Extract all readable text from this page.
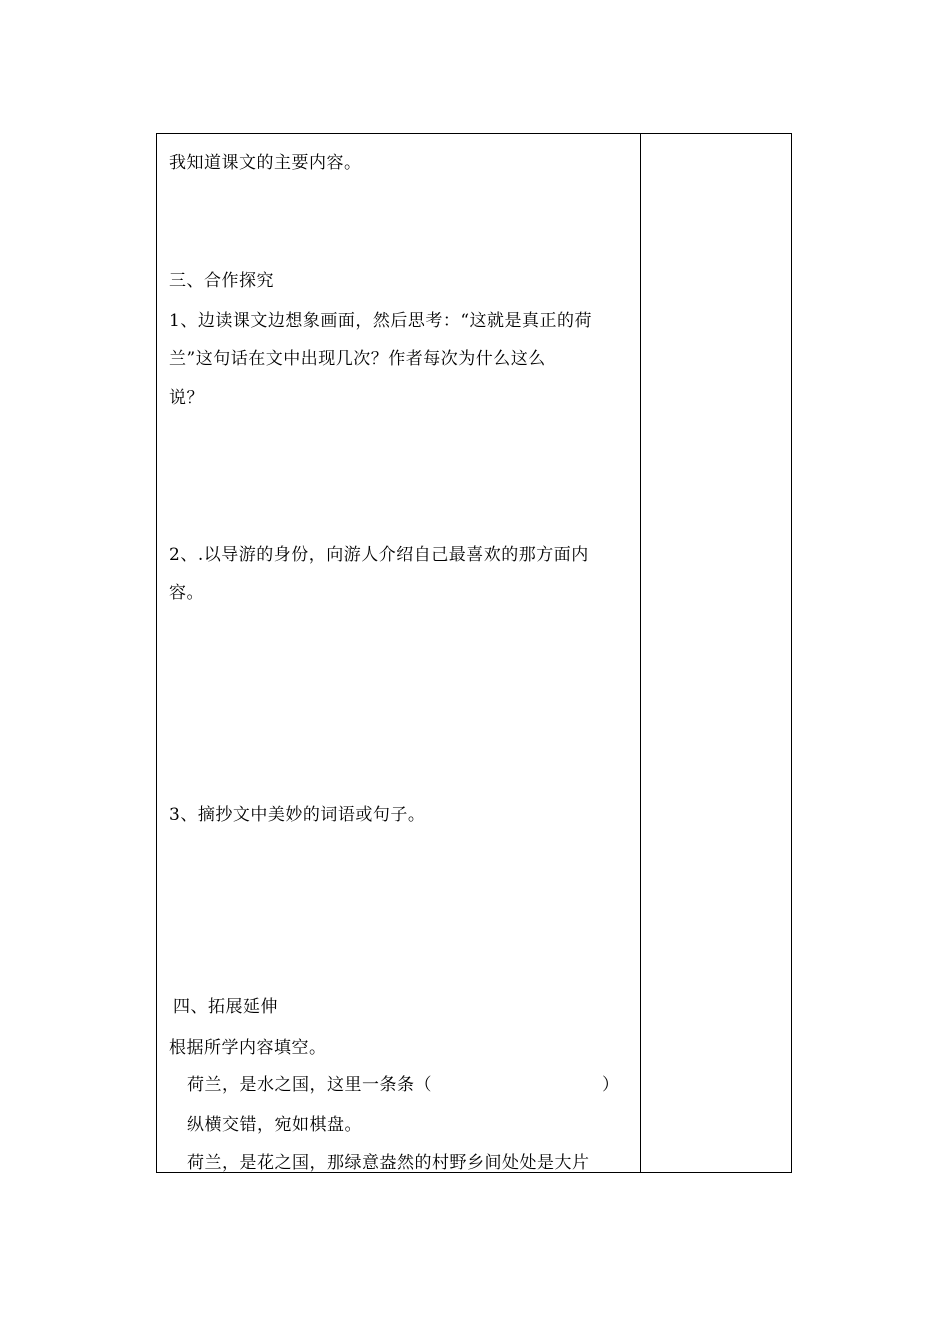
我知道课文的主要内容。
三、合作探究
1、边读课文边想象画面，然后思考：“这就是真正的荷
兰”这句话在文中出现几次？作者每次为什么这么
说？
2、.以导游的身份，向游人介绍自己最喜欢的那方面内
容。
3、摘抄文中美妙的词语或句子。
四、拓展延伸
根据所学内容填空。
荷兰，是水之国，这里一条条（	）
纵横交错，宛如棋盘。
荷兰，是花之国，那绿意盎然的村野乡间处处是大片
